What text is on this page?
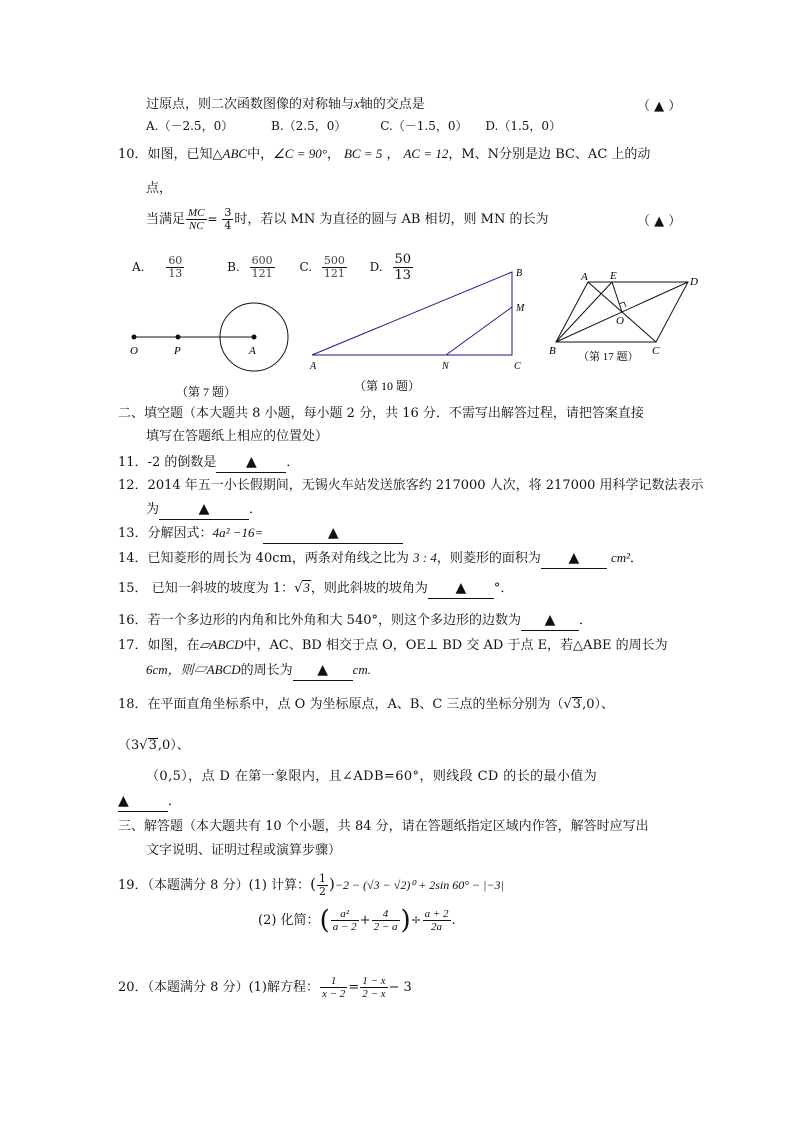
过原点，则二次函数图像的对称轴与x轴的交点是	（ ▲ ）
A.（－2.5，0）	B.（2.5，0）	C.（－1.5，0） D.（1.5，0）
10．如图，已知△ABC中，∠C = 90°， BC = 5 ， AC = 12，M、N分别是边 BC、AC 上的动
点，
当满足 $\frac{MC}{NC} = \frac{3}{4}$ 时，若以 MN 为直径的圆与 AB 相切，则 MN 的长为	（ ▲ ）
A. $\frac{60}{13}$	B. $\frac{600}{121} C$. $\frac{500}{121} D$. $\frac{50}{13}$
O	P	A
（第 7 题）
A
B
C
M
N
（第 10 题）
A E	D
O
B	C
（第 17 题）
二、填空题（本大题共 8 小题，每小题 2 分，共 16 分．不需写出解答过程，请把答案直接
填写在答题纸上相应的位置处）
11．-2 的倒数是 ▲ ．
12．2014 年五一小长假期间，无锡火车站发送旅客约 217000 人次，将 217000 用科学记数法表示
为	▲	．
13．分解因式：4a² −16=	▲
14．已知菱形的周长为 40cm，两条对角线之比为 3 : 4，则菱形的面积为 ▲ cm²．
15． 已知一斜坡的坡度为 1：√3，则此斜坡的坡角为 ▲ °．
16．若一个多边形的内角和比外角和大 540°，则这个多边形的边数为 ▲ ．
17．如图，在▱ABCD中，AC、BD 相交于点 O，OE⊥ BD 交 AD 于点 E，若△ABE 的周长为
6cm，则▱ABCD的周长为 ▲ cm.
18．在平面直角坐标系中，点 O 为坐标原点，A、B、C 三点的坐标分别为（√3,0）、
（3√3,0）、
（0,5），点 D 在第一象限内，且∠ADB=60°，则线段 CD 的长的最小值为
▲	．
三、解答题（本大题共有 10 个小题，共 84 分，请在答题纸指定区域内作答，解答时应写出
文字说明、证明过程或演算步骤）
19．（本题满分 8 分）(1) 计算：( $\frac{1}{2} )-2 - (√3 - √2)^0 + 2\sin$ 60° − |−3|
(2) 化简：( $\frac{\text{a²}}{a - 2} + \frac{4}{2 - a}$ )÷ $\frac{a + 2}{2a}$ .
20．（本题满分 8 分）(1)解方程： $\frac{1}{x - 2} = \frac{1 - x}{2 - x} - 3$
